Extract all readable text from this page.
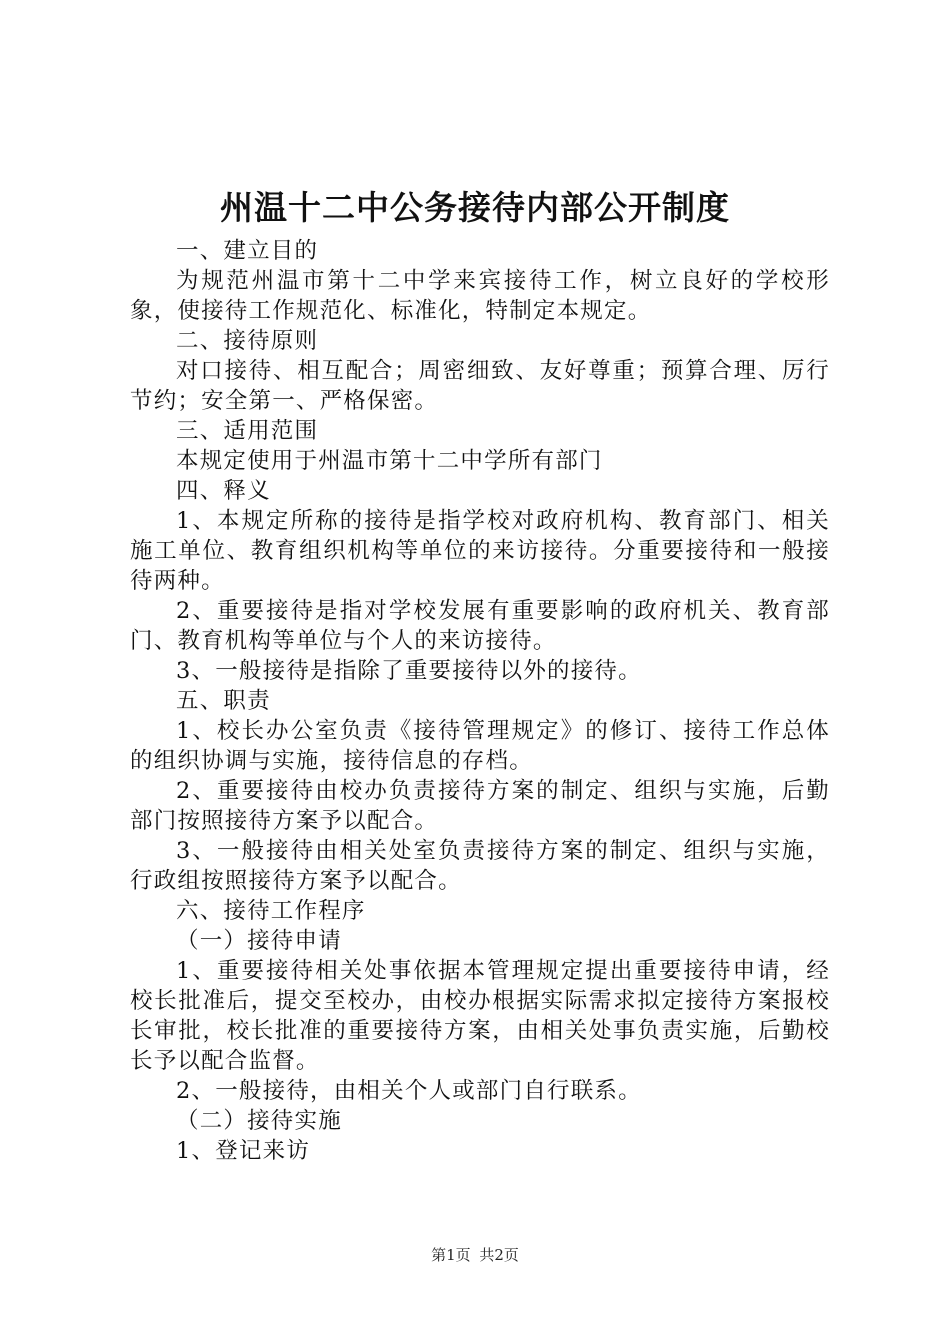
州温十二中公务接待内部公开制度

一、建立目的

为规范州温市第十二中学来宾接待工作，树立良好的学校形象，使接待工作规范化、标准化，特制定本规定。

二、接待原则

对口接待、相互配合；周密细致、友好尊重；预算合理、厉行节约；安全第一、严格保密。

三、适用范围

本规定使用于州温市第十二中学所有部门

四、释义

1、本规定所称的接待是指学校对政府机构、教育部门、相关施工单位、教育组织机构等单位的来访接待。分重要接待和一般接待两种。

2、重要接待是指对学校发展有重要影响的政府机关、教育部门、教育机构等单位与个人的来访接待。

3、一般接待是指除了重要接待以外的接待。

五、职责

1、校长办公室负责《接待管理规定》的修订、接待工作总体的组织协调与实施，接待信息的存档。

2、重要接待由校办负责接待方案的制定、组织与实施，后勤部门按照接待方案予以配合。

3、一般接待由相关处室负责接待方案的制定、组织与实施，行政组按照接待方案予以配合。

六、接待工作程序

（一）接待申请

1、重要接待相关处事依据本管理规定提出重要接待申请，经校长批准后，提交至校办，由校办根据实际需求拟定接待方案报校长审批，校长批准的重要接待方案，由相关处事负责实施，后勤校长予以配合监督。

2、一般接待，由相关个人或部门自行联系。

（二）接待实施

1、登记来访

第1页 共2页
